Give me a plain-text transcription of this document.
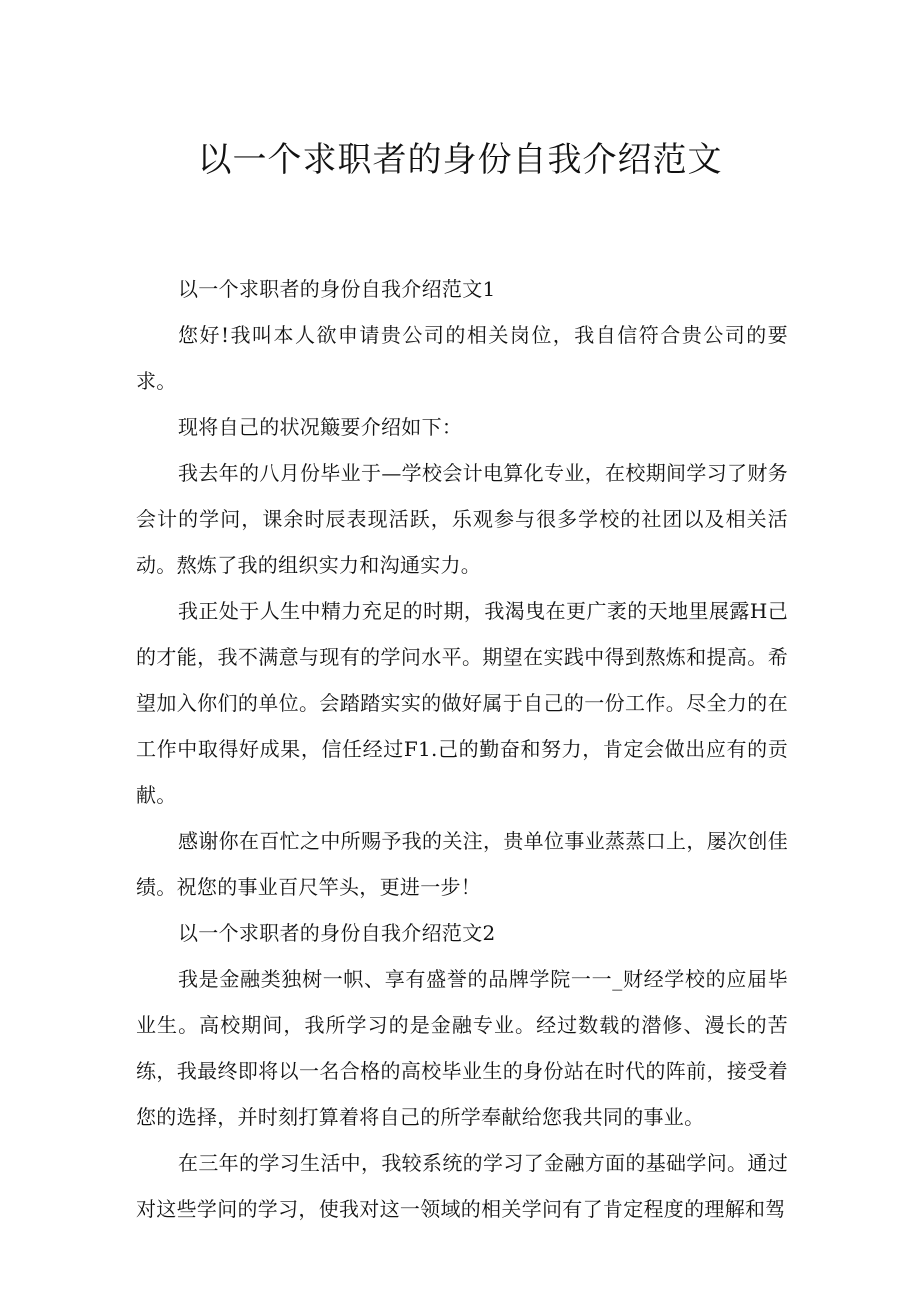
以一个求职者的身份自我介绍范文

以一个求职者的身份自我介绍范文1

您好!我叫本人欲申请贵公司的相关岗位，我自信符合贵公司的要求。

现将自己的状况簸要介绍如下：

我去年的八月份毕业于—学校会计电算化专业，在校期间学习了财务会计的学问，课余时辰表现活跃，乐观参与很多学校的社团以及相关活动。熬炼了我的组织实力和沟通实力。

我正处于人生中精力充足的时期，我渴曳在更广袤的天地里展露H己的才能，我不满意与现有的学问水平。期望在实践中得到熬炼和提高。希望加入你们的单位。会踏踏实实的做好属于自己的一份工作。尽全力的在工作中取得好成果，信任经过F1.己的勤奋和努力，肯定会做出应有的贡献。

感谢你在百忙之中所赐予我的关注，贵单位事业蒸蒸口上，屡次创佳绩。祝您的事业百尺竿头，更进一步！

以一个求职者的身份自我介绍范文2

我是金融类独树一帜、享有盛誉的品牌学院一一_财经学校的应届毕业生。高校期间，我所学习的是金融专业。经过数载的潜修、漫长的苦练，我最终即将以一名合格的高校毕业生的身份站在时代的阵前，接受着您的选择，并时刻打算着将自己的所学奉献给您我共同的事业。

在三年的学习生活中，我较系统的学习了金融方面的基础学问。通过对这些学问的学习，使我对这一领域的相关学问有了肯定程度的理解和驾
